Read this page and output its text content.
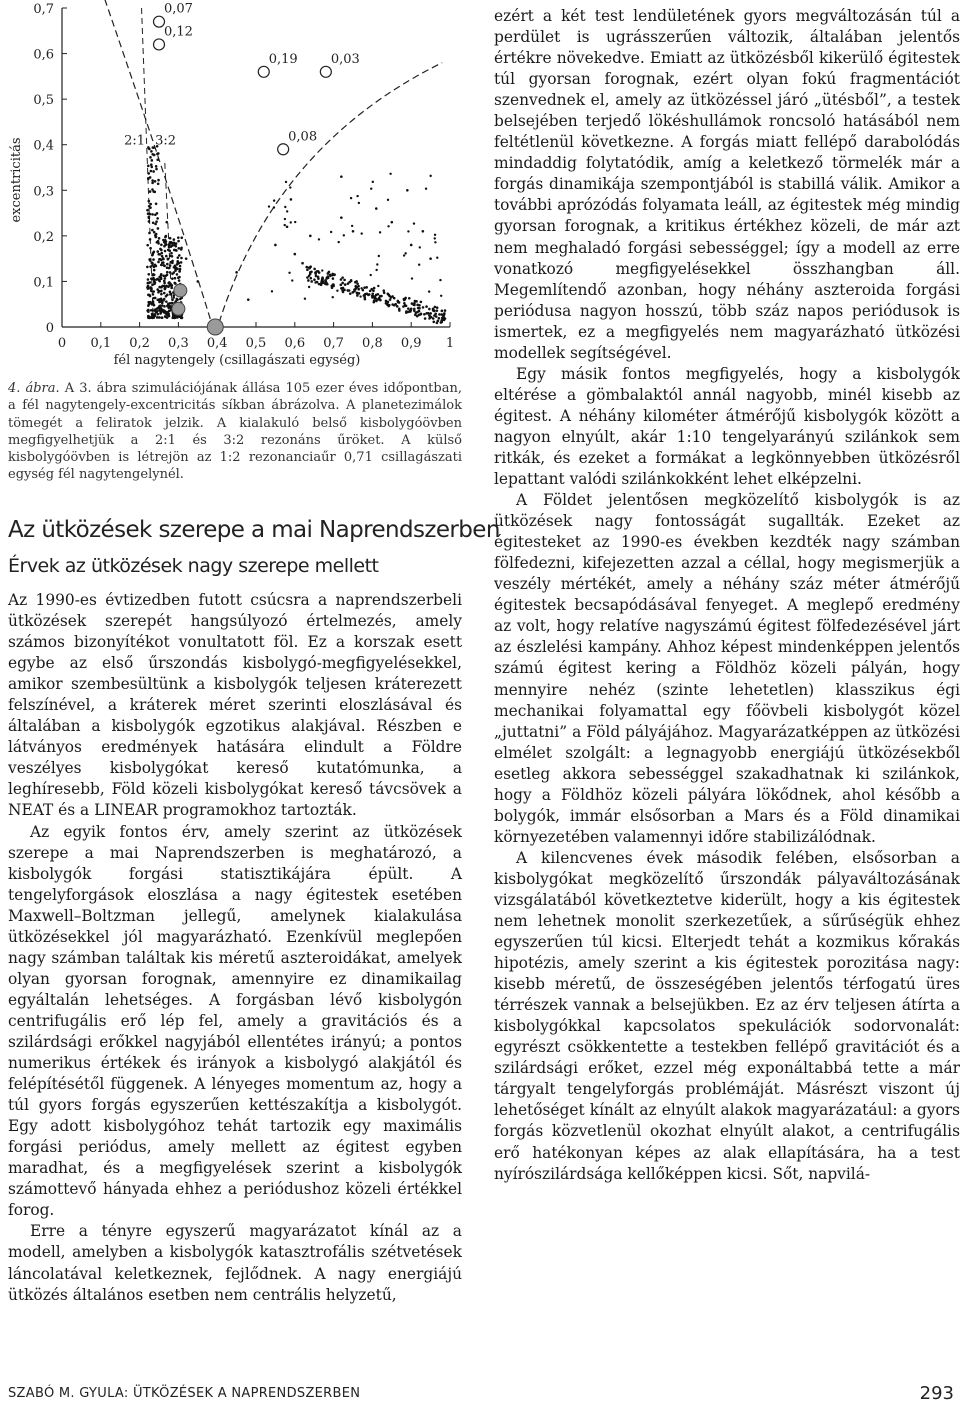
0 0,1 0,2 0,3 0,4 0,5 0,6 0,7 0,8 0,9 1
0
0,1
0,2
0,3
0,4
0,5
0,6
0,7
fél nagytengely (csillagászati egység)
excentricitás
0,07
0,12
0,19
0,08
0,03
2:1 3:2
4. ábra. A 3. ábra szimulációjának állása 105 ezer éves időpontban, a fél nagytengely-excentricitás síkban ábrázolva. A planetezimálok tömegét a feliratok jelzik. A kialakuló belső kisbolygóövben megfigyelhetjük a 2:1 és 3:2 rezonáns űröket. A külső kisbolygóövben is létrejön az 1:2 rezonanciaűr 0,71 csillagászati egység fél nagytengelynél.
Az ütközések szerepe a mai Naprendszerben
Érvek az ütközések nagy szerepe mellett

Az 1990-es évtizedben futott csúcsra a naprendszerbeli ütközések szerepét hangsúlyozó értelmezés, amely számos bizonyítékot vonultatott föl. Ez a korszak esett egybe az első űrszondás kisbolygó-megfigyelésekkel, amikor szembesültünk a kisbolygók teljesen kráterezett felszínével, a kráterek méret szerinti eloszlásával és általában a kisbolygók egzotikus alakjával. Részben e látványos eredmények hatására elindult a Földre veszélyes kisbolygókat kereső kutatómunka, a leghíresebb, Föld közeli kisbolygókat kereső távcsövek a NEAT és a LINEAR programokhoz tartozták.

Az egyik fontos érv, amely szerint az ütközések szerepe a mai Naprendszerben is meghatározó, a kisbolygók forgási statisztikájára épült. A tengelyforgások eloszlása a nagy égitestek esetében Maxwell–Boltzman jellegű, amelynek kialakulása ütközésekkel jól magyarázható. Ezenkívül meglepően nagy számban találtak kis méretű aszteroidákat, amelyek olyan gyorsan forognak, amennyire ez dinamikailag egyáltalán lehetséges. A forgásban lévő kisbolygón centrifugális erő lép fel, amely a gravitációs és a szilárdsági erőkkel nagyjából ellentétes irányú; a pontos numerikus értékek és irányok a kisbolygó alakjától és felépítésétől függenek. A lényeges momentum az, hogy a túl gyors forgás egyszerűen kettészakítja a kisbolygót. Egy adott kisbolygóhoz tehát tartozik egy maximális forgási periódus, amely mellett az égitest egyben maradhat, és a megfigyelések szerint a kisbolygók számottevő hányada ehhez a periódushoz közeli értékkel forog.

Erre a tényre egyszerű magyarázatot kínál az a modell, amelyben a kisbolygók katasztrofális szétvetések láncolatával keletkeznek, fejlődnek. A nagy energiájú ütközés általános esetben nem centrális helyzetű,

ezért a két test lendületének gyors megváltozásán túl a perdület is ugrásszerűen változik, általában jelentős értékre növekedve. Emiatt az ütközésből kikerülő égitestek túl gyorsan forognak, ezért olyan fokú fragmentációt szenvednek el, amely az ütközéssel járó „ütésből”, a testek belsejében terjedő lökéshullámok roncsoló hatásából nem feltétlenül következne. A forgás miatt fellépő darabolódás mindaddig folytatódik, amíg a keletkező törmelék már a forgás dinamikája szempontjából is stabillá válik. Amikor a további aprózódás folyamata leáll, az égitestek még mindig gyorsan forognak, a kritikus értékhez közeli, de már azt nem meghaladó forgási sebességgel; így a modell az erre vonatkozó megfigyelésekkel összhangban áll. Megemlítendő azonban, hogy néhány aszteroida forgási periódusa nagyon hosszú, több száz napos periódusok is ismertek, ez a megfigyelés nem magyarázható ütközési modellek segítségével.

Egy másik fontos megfigyelés, hogy a kisbolygók eltérése a gömbalaktól annál nagyobb, minél kisebb az égitest. A néhány kilométer átmérőjű kisbolygók között a nagyon elnyúlt, akár 1:10 tengelyarányú szilánkok sem ritkák, és ezeket a formákat a legkönnyebben ütközésről lepattant valódi szilánkokként lehet elképzelni.

A Földet jelentősen megközelítő kisbolygók is az ütközések nagy fontosságát sugallták. Ezeket az égitesteket az 1990-es években kezdték nagy számban fölfedezni, kifejezetten azzal a céllal, hogy megismerjük a veszély mértékét, amely a néhány száz méter átmérőjű égitestek becsapódásával fenyeget. A meglepő eredmény az volt, hogy relatíve nagyszámú égitest fölfedezésével járt az észlelési kampány. Ahhoz képest mindenképpen jelentős számú égitest kering a Földhöz közeli pályán, hogy mennyire nehéz (szinte lehetetlen) klasszikus égi mechanikai folyamattal egy főövbeli kisbolygót közel „juttatni” a Föld pályájához. Magyarázatképpen az ütközési elmélet szolgált: a legnagyobb energiájú ütközésekből esetleg akkora sebességgel szakadhatnak ki szilánkok, hogy a Földhöz közeli pályára lökődnek, ahol később a bolygók, immár elsősorban a Mars és a Föld dinamikai környezetében valamennyi időre stabilizálódnak.

A kilencvenes évek második felében, elsősorban a kisbolygókat megközelítő űrszondák pályaváltozásának vizsgálatából következtetve kiderült, hogy a kis égitestek nem lehetnek monolit szerkezetűek, a sűrűségük ehhez egyszerűen túl kicsi. Elterjedt tehát a kozmikus kőrakás hipotézis, amely szerint a kis égitestek porozitása nagy: kisebb méretű, de összeségében jelentős térfogatú üres térrészek vannak a belsejükben. Ez az érv teljesen átírta a kisbolygókkal kapcsolatos spekulációk sodorvonalát: egyrészt csökkentette a testekben fellépő gravitációt és a szilárdsági erőket, ezzel még exponáltabbá tette a már tárgyalt tengelyforgás problémáját. Másrészt viszont új lehetőséget kínált az elnyúlt alakok magyarázatául: a gyors forgás közvetlenül okozhat elnyúlt alakot, a centrifugális erő hatékonyan képes az alak ellapítására, ha a test nyírószilárdsága kellőképpen kicsi. Sőt, napvilá-

SZABÓ M. GYULA: ÜTKÖZÉSEK A NAPRENDSZERBEN	293
